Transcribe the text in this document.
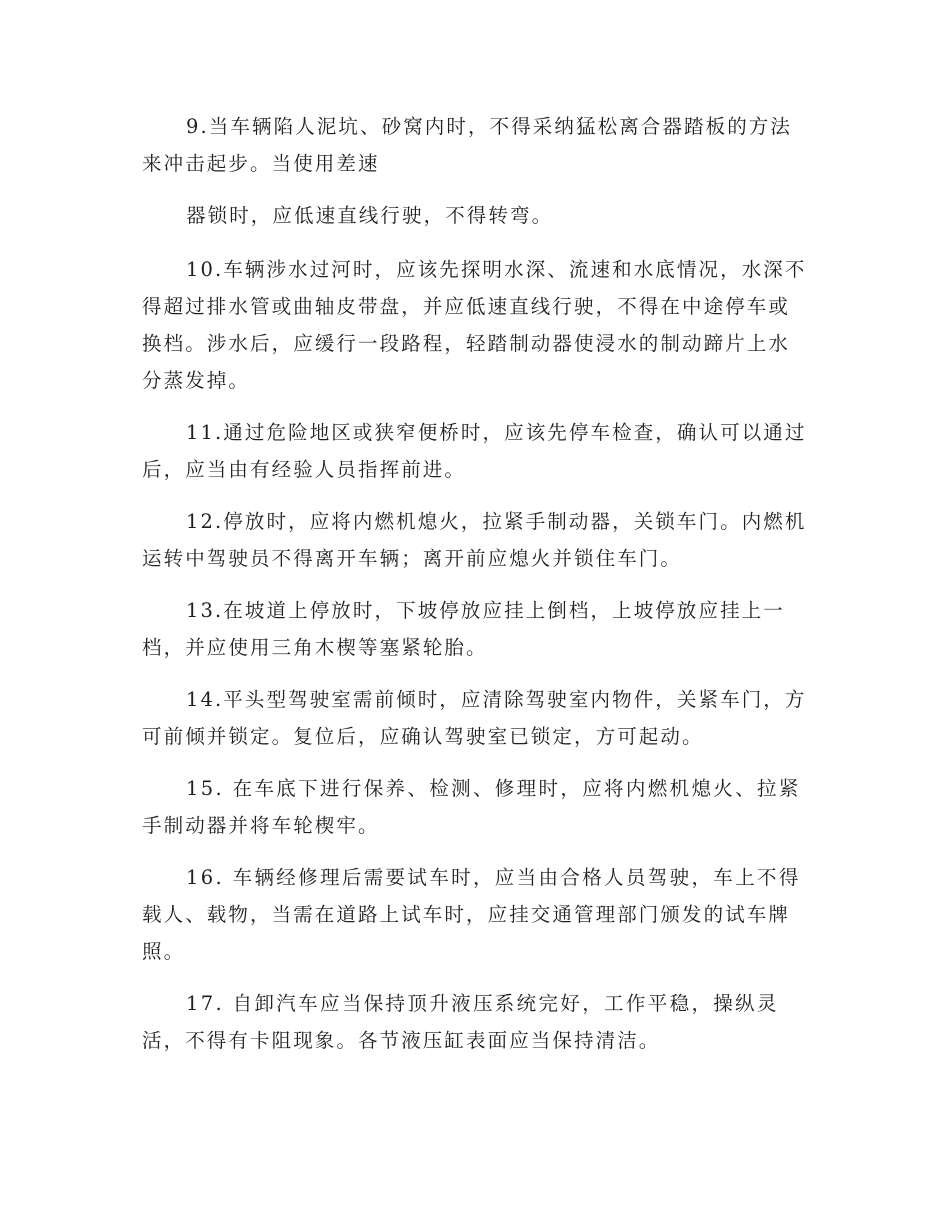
9.当车辆陷人泥坑、砂窝内时，不得采纳猛松离合器踏板的方法

来冲击起步。当使用差速

器锁时，应低速直线行驶，不得转弯。

10.车辆涉水过河时，应该先探明水深、流速和水底情况，水深不

得超过排水管或曲轴皮带盘，并应低速直线行驶，不得在中途停车或

换档。涉水后，应缓行一段路程，轻踏制动器使浸水的制动蹄片上水

分蒸发掉。

11.通过危险地区或狭窄便桥时，应该先停车检查，确认可以通过

后，应当由有经验人员指挥前进。

12.停放时，应将内燃机熄火，拉紧手制动器，关锁车门。内燃机

运转中驾驶员不得离开车辆；离开前应熄火并锁住车门。

13.在坡道上停放时，下坡停放应挂上倒档，上坡停放应挂上一

档，并应使用三角木楔等塞紧轮胎。

14.平头型驾驶室需前倾时，应清除驾驶室内物件，关紧车门，方

可前倾并锁定。复位后，应确认驾驶室已锁定，方可起动。

15. 在车底下进行保养、检测、修理时，应将内燃机熄火、拉紧

手制动器并将车轮楔牢。

16. 车辆经修理后需要试车时，应当由合格人员驾驶，车上不得

载人、载物，当需在道路上试车时，应挂交通管理部门颁发的试车牌

照。

17. 自卸汽车应当保持顶升液压系统完好，工作平稳，操纵灵

活，不得有卡阻现象。各节液压缸表面应当保持清洁。
